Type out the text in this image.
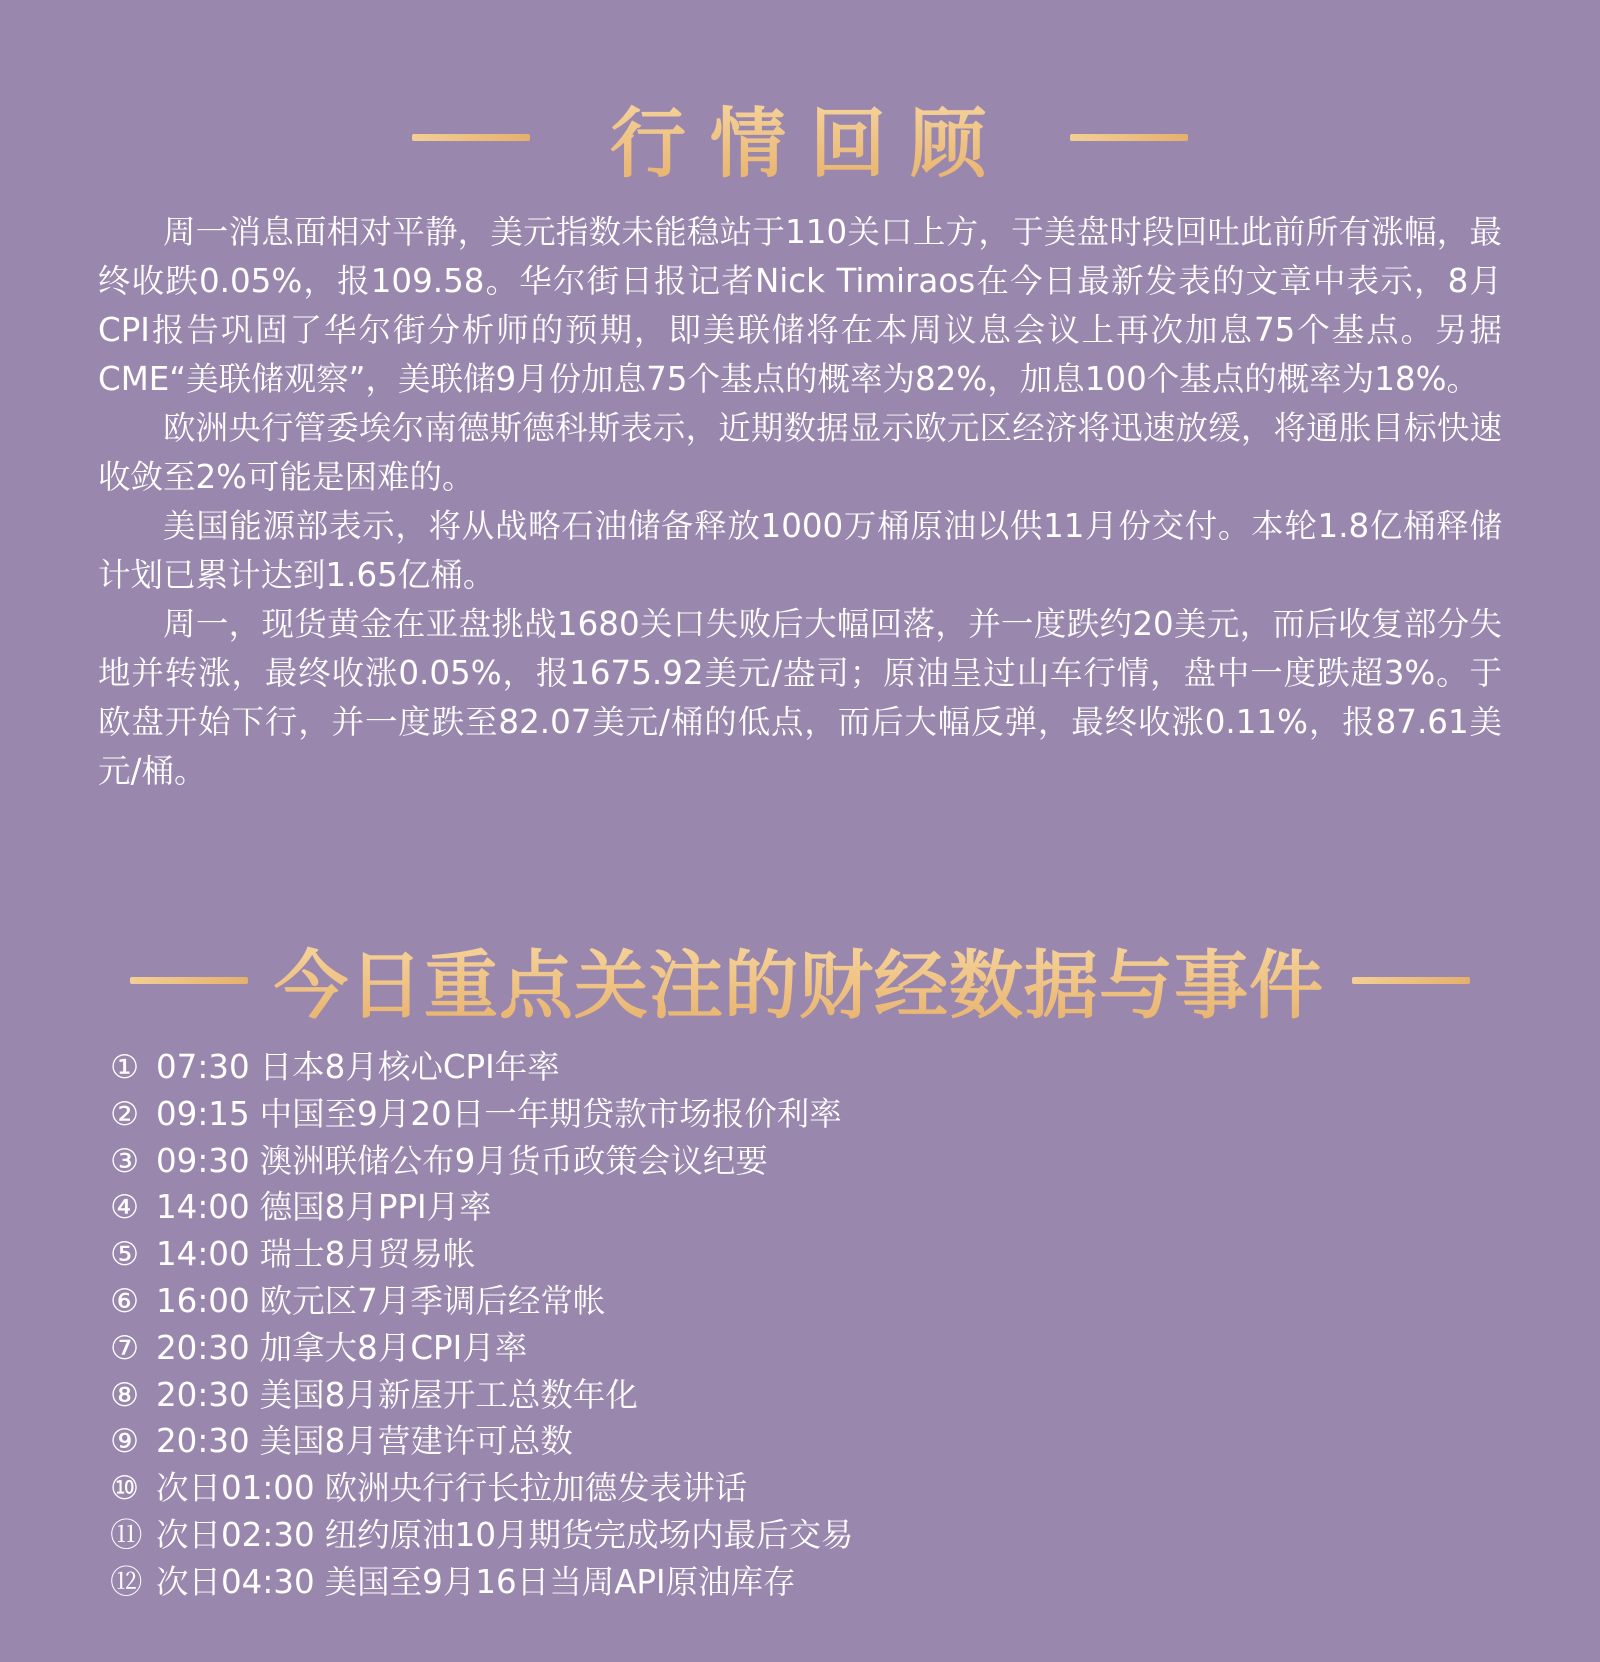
行情回顾

周一消息面相对平静，美元指数未能稳站于110关口上方，于美盘时段回吐此前所有涨幅，最终收跌0.05%，报109.58。华尔街日报记者Nick Timiraos在今日最新发表的文章中表示，8月CPI报告巩固了华尔街分析师的预期，即美联储将在本周议息会议上再次加息75个基点。另据CME“美联储观察”，美联储9月份加息75个基点的概率为82%，加息100个基点的概率为18%。

欧洲央行管委埃尔南德斯德科斯表示，近期数据显示欧元区经济将迅速放缓，将通胀目标快速收敛至2%可能是困难的。

美国能源部表示，将从战略石油储备释放1000万桶原油以供11月份交付。本轮1.8亿桶释储计划已累计达到1.65亿桶。

周一，现货黄金在亚盘挑战1680关口失败后大幅回落，并一度跌约20美元，而后收复部分失地并转涨，最终收涨0.05%，报1675.92美元/盎司；原油呈过山车行情，盘中一度跌超3%。于欧盘开始下行，并一度跌至82.07美元/桶的低点，而后大幅反弹，最终收涨0.11%，报87.61美元/桶。

今日重点关注的财经数据与事件
① 07:30 日本8月核心CPI年率
② 09:15 中国至9月20日一年期贷款市场报价利率
③ 09:30 澳洲联储公布9月货币政策会议纪要
④ 14:00 德国8月PPI月率
⑤ 14:00 瑞士8月贸易帐
⑥ 16:00 欧元区7月季调后经常帐
⑦ 20:30 加拿大8月CPI月率
⑧ 20:30 美国8月新屋开工总数年化
⑨ 20:30 美国8月营建许可总数
⑩ 次日01:00 欧洲央行行长拉加德发表讲话
⑪ 次日02:30 纽约原油10月期货完成场内最后交易
⑫ 次日04:30 美国至9月16日当周API原油库存
